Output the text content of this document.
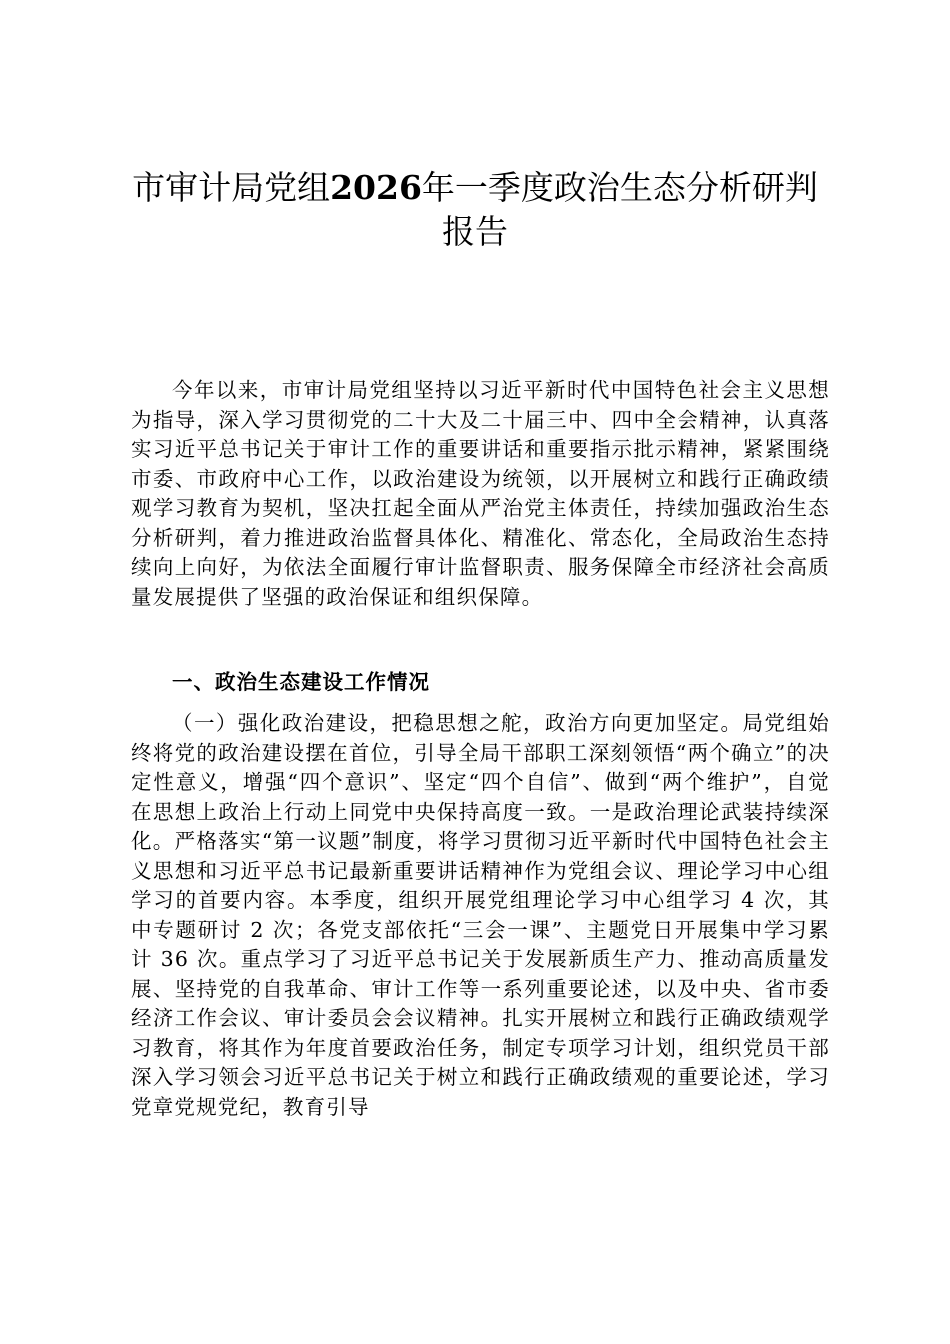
市审计局党组2026年一季度政治生态分析研判报告

今年以来，市审计局党组坚持以习近平新时代中国特色社会主义思想为指导，深入学习贯彻党的二十大及二十届三中、四中全会精神，认真落实习近平总书记关于审计工作的重要讲话和重要指示批示精神，紧紧围绕市委、市政府中心工作，以政治建设为统领，以开展树立和践行正确政绩观学习教育为契机，坚决扛起全面从严治党主体责任，持续加强政治生态分析研判，着力推进政治监督具体化、精准化、常态化，全局政治生态持续向上向好，为依法全面履行审计监督职责、服务保障全市经济社会高质量发展提供了坚强的政治保证和组织保障。

一、政治生态建设工作情况

（一）强化政治建设，把稳思想之舵，政治方向更加坚定。局党组始终将党的政治建设摆在首位，引导全局干部职工深刻领悟“两个确立”的决定性意义，增强“四个意识”、坚定“四个自信”、做到“两个维护”，自觉在思想上政治上行动上同党中央保持高度一致。一是政治理论武装持续深化。严格落实“第一议题”制度，将学习贯彻习近平新时代中国特色社会主义思想和习近平总书记最新重要讲话精神作为党组会议、理论学习中心组学习的首要内容。本季度，组织开展党组理论学习中心组学习 4 次，其中专题研讨 2 次；各党支部依托“三会一课”、主题党日开展集中学习累计 36 次。重点学习了习近平总书记关于发展新质生产力、推动高质量发展、坚持党的自我革命、审计工作等一系列重要论述，以及中央、省市委经济工作会议、审计委员会会议精神。扎实开展树立和践行正确政绩观学习教育，将其作为年度首要政治任务，制定专项学习计划，组织党员干部深入学习领会习近平总书记关于树立和践行正确政绩观的重要论述，学习党章党规党纪，教育引导
